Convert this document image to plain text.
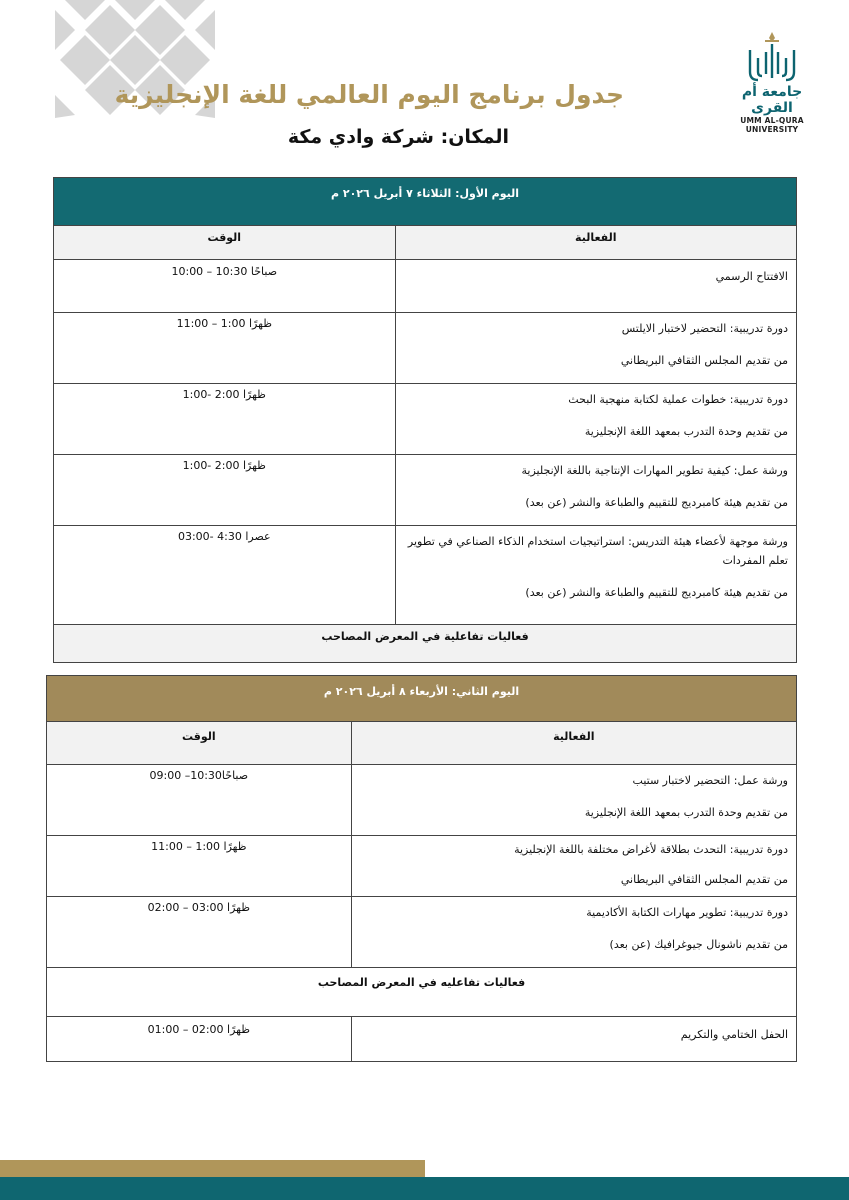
جامعة أم القرى
UMM AL-QURA UNIVERSITY
جدول برنامج اليوم العالمي للغة الإنجليزية
المكان: شركة وادي مكة
اليوم الأول: الثلاثاء ٧ أبريل ٢٠٢٦ م	
الفعالية	الوقت

الافتتاح الرسمي	10:00 – 10:30 صباحًا

دورة تدريبية: التحضير لاختبار الايلتس

من تقديم المجلس الثقافي البريطاني	11:00 – 1:00 ظهرًا

دورة تدريبية: خطوات عملية لكتابة منهجية البحث

من تقديم وحدة التدرب بمعهد اللغة الإنجليزية	1:00- 2:00 ظهرًا

ورشة عمل: كيفية تطوير المهارات الإنتاجية باللغة الإنجليزية

من تقديم هيئة كامبرديج للتقييم والطباعة والنشر (عن بعد)	1:00- 2:00 ظهرًا

ورشة موجهة لأعضاء هيئة التدريس: استراتيجيات استخدام الذكاء الصناعي في تطوير تعلم المفردات

من تقديم هيئة كامبرديج للتقييم والطباعة والنشر (عن بعد)	03:00- 4:30 عصرا
فعاليات تفاعلية في المعرض المصاحب	
اليوم الثاني: الأربعاء ٨ أبريل ٢٠٢٦ م	
الفعالية	الوقت

ورشة عمل: التحضير لاختبار ستيب

من تقديم وحدة التدرب بمعهد اللغة الإنجليزية	09:00 –10:30صباحًا

دورة تدريبية: التحدث بطلاقة لأغراض مختلفة باللغة الإنجليزية

من تقديم المجلس الثقافي البريطاني	11:00 – 1:00 ظهرًا

دورة تدريبية: تطوير مهارات الكتابة الأكاديمية

من تقديم ناشونال جيوغرافيك (عن بعد)	02:00 – 03:00 ظهرًا
فعاليات تفاعليه في المعرض المصاحب	

الحفل الختامي والتكريم	01:00 – 02:00 ظهرًا
